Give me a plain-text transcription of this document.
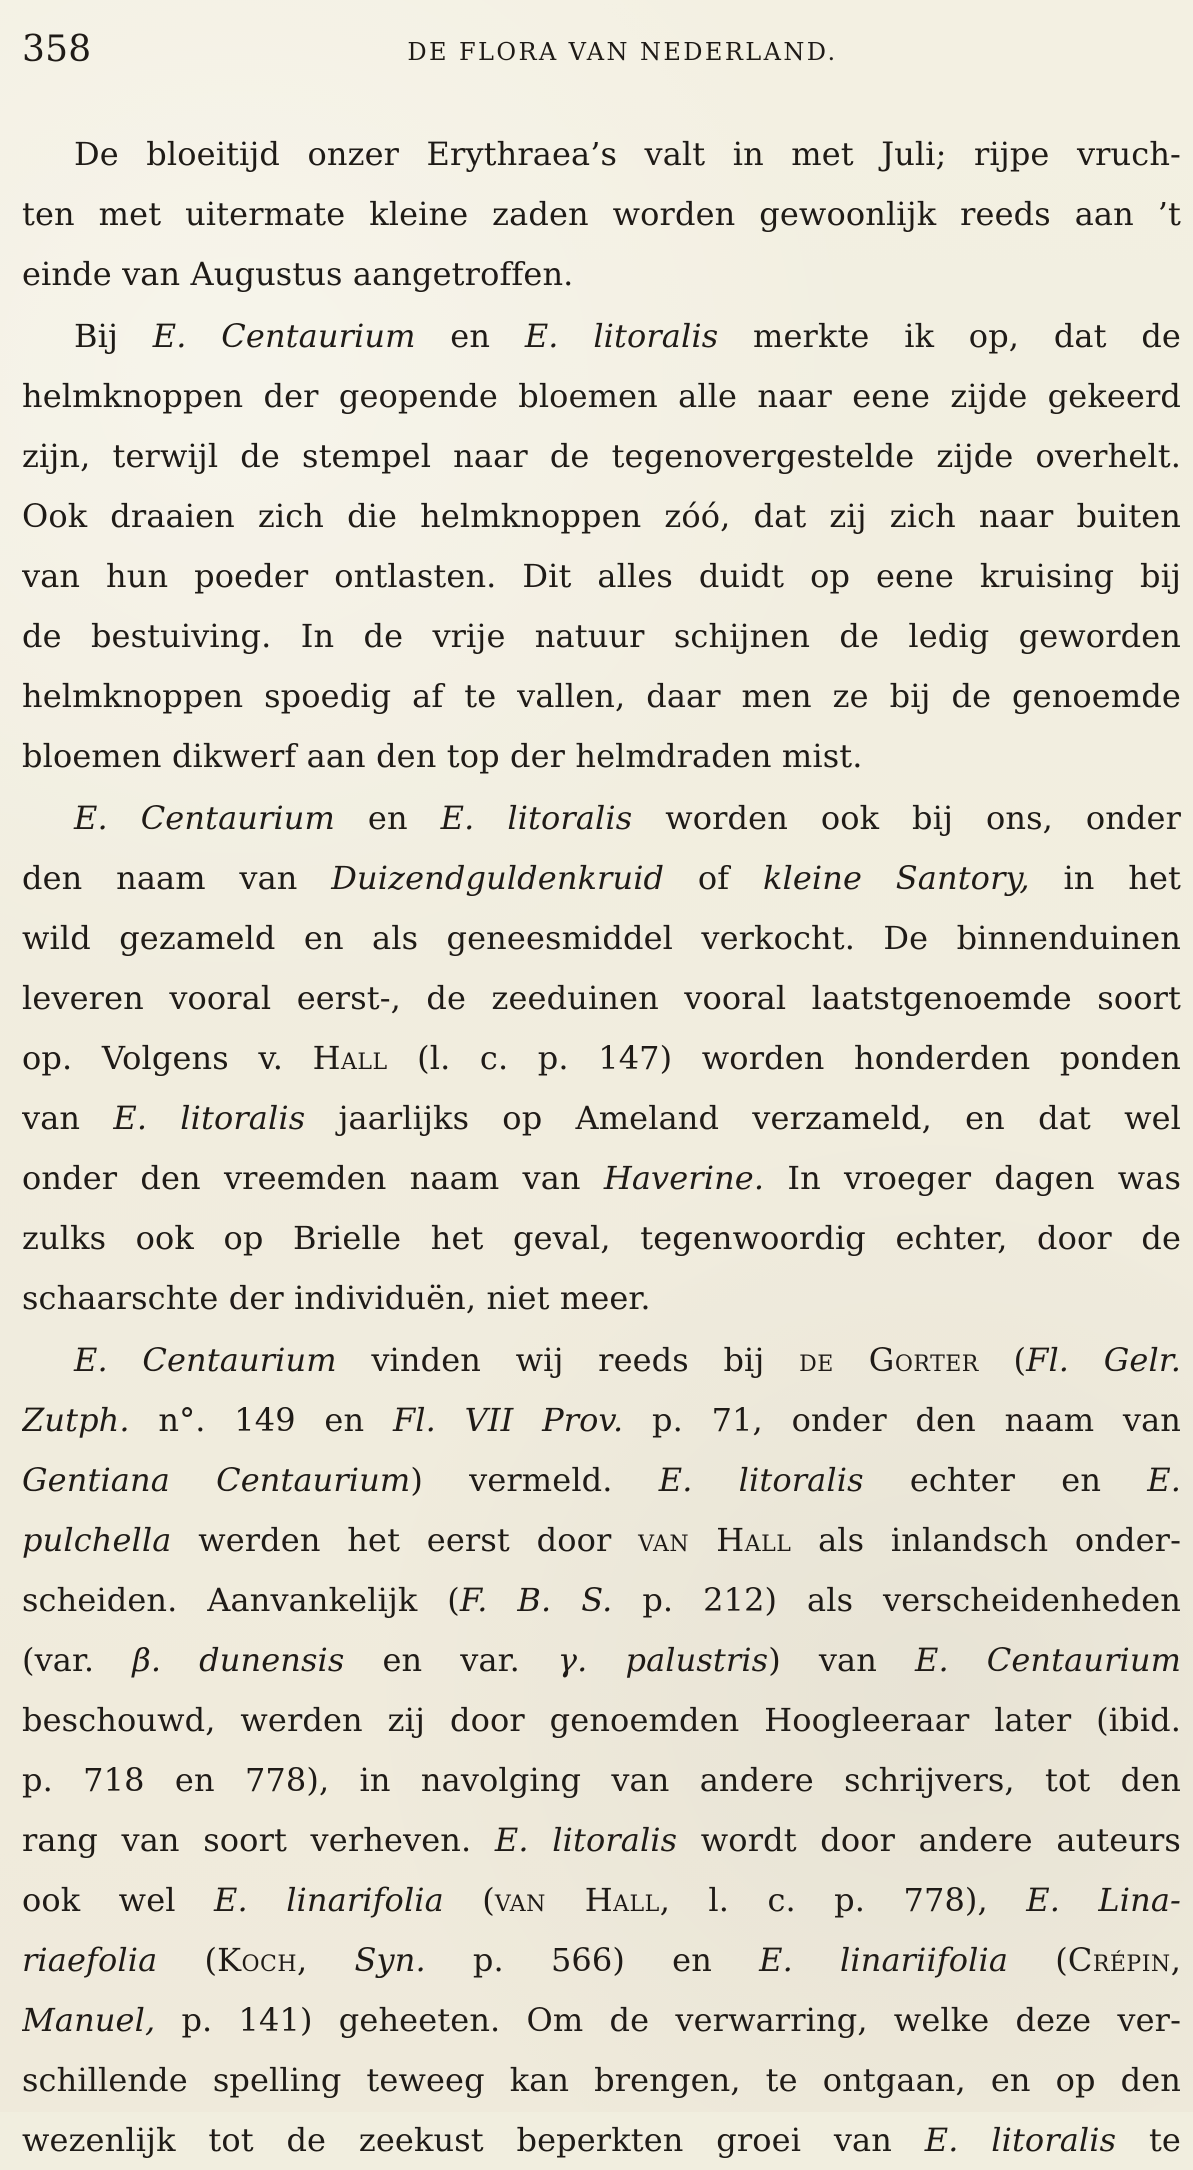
358	DE FLORA VAN NEDERLAND.
De bloeitijd onzer Erythraea’s valt in met Juli; rijpe vruch-
ten met uitermate kleine zaden worden gewoonlijk reeds aan ’t
einde van Augustus aangetroffen.
Bij E. Centaurium en E. litoralis merkte ik op, dat de
helmknoppen der geopende bloemen alle naar eene zijde gekeerd
zijn, terwijl de stempel naar de tegenovergestelde zijde overhelt.
Ook draaien zich die helmknoppen zóó, dat zij zich naar buiten
van hun poeder ontlasten. Dit alles duidt op eene kruising bij
de bestuiving. In de vrije natuur schijnen de ledig geworden
helmknoppen spoedig af te vallen, daar men ze bij de genoemde
bloemen dikwerf aan den top der helmdraden mist.
E. Centaurium en E. litoralis worden ook bij ons, onder
den naam van Duizendguldenkruid of kleine Santory, in het
wild gezameld en als geneesmiddel verkocht. De binnenduinen
leveren vooral eerst-, de zeeduinen vooral laatstgenoemde soort
op. Volgens v. Hall (l. c. p. 147) worden honderden ponden
van E. litoralis jaarlijks op Ameland verzameld, en dat wel
onder den vreemden naam van Haverine. In vroeger dagen was
zulks ook op Brielle het geval, tegenwoordig echter, door de
schaarschte der individuën, niet meer.
E. Centaurium vinden wij reeds bij de Gorter (Fl. Gelr.
Zutph. n°. 149 en Fl. VII Prov. p. 71, onder den naam van
Gentiana Centaurium) vermeld. E. litoralis echter en E.
pulchella werden het eerst door van Hall als inlandsch onder-
scheiden. Aanvankelijk (F. B. S. p. 212) als verscheidenheden
(var. β. dunensis en var. γ. palustris) van E. Centaurium
beschouwd, werden zij door genoemden Hoogleeraar later (ibid.
p. 718 en 778), in navolging van andere schrijvers, tot den
rang van soort verheven. E. litoralis wordt door andere auteurs
ook wel E. linarifolia (van Hall, l. c. p. 778), E. Lina-
riaefolia (Koch, Syn. p. 566) en E. linariifolia (Crépin,
Manuel, p. 141) geheeten. Om de verwarring, welke deze ver-
schillende spelling teweeg kan brengen, te ontgaan, en op den
wezenlijk tot de zeekust beperkten groei van E. litoralis te
